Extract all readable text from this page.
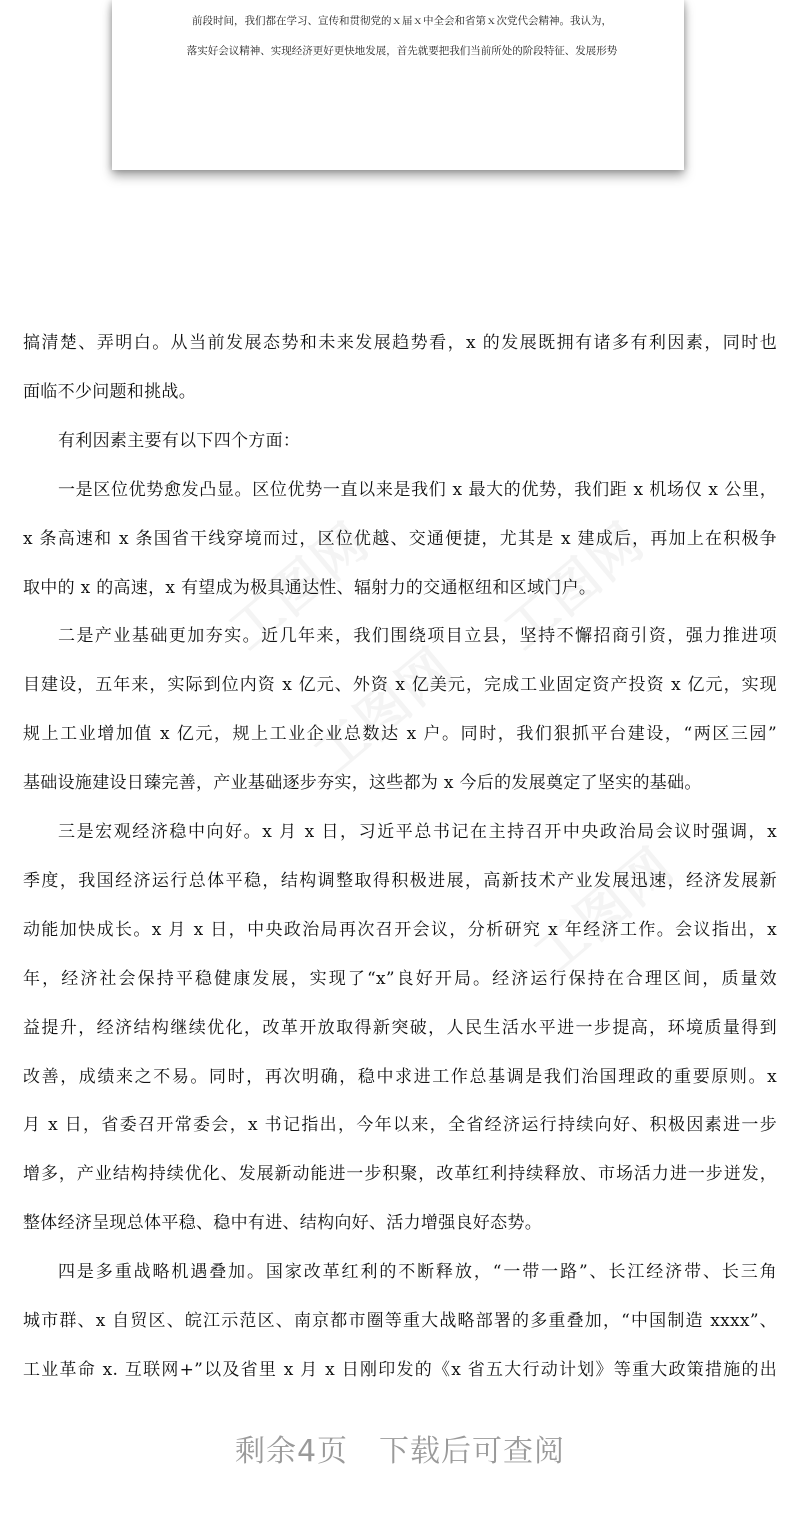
前段时间，我们都在学习、宣传和贯彻党的ｘ届ｘ中全会和省第ｘ次党代会精神。我认为，
落实好会议精神、实现经济更好更快地发展，首先就要把我们当前所处的阶段特征、发展形势
搞清楚、弄明白。从当前发展态势和未来发展趋势看，x 的发展既拥有诸多有利因素，同时也
面临不少问题和挑战。
有利因素主要有以下四个方面：
一是区位优势愈发凸显。区位优势一直以来是我们 x 最大的优势，我们距 x 机场仅 x 公里，
x 条高速和 x 条国省干线穿境而过，区位优越、交通便捷，尤其是 x 建成后，再加上在积极争
取中的 x 的高速，x 有望成为极具通达性、辐射力的交通枢纽和区域门户。
二是产业基础更加夯实。近几年来，我们围绕项目立县，坚持不懈招商引资，强力推进项
目建设，五年来，实际到位内资 x 亿元、外资 x 亿美元，完成工业固定资产投资 x 亿元，实现
规上工业增加值 x 亿元，规上工业企业总数达 x 户。同时，我们狠抓平台建设，“两区三园”
基础设施建设日臻完善，产业基础逐步夯实，这些都为 x 今后的发展奠定了坚实的基础。
三是宏观经济稳中向好。x 月 x 日，习近平总书记在主持召开中央政治局会议时强调，x
季度，我国经济运行总体平稳，结构调整取得积极进展，高新技术产业发展迅速，经济发展新
动能加快成长。x 月 x 日，中央政治局再次召开会议，分析研究 x 年经济工作。会议指出，x
年，经济社会保持平稳健康发展，实现了“x”良好开局。经济运行保持在合理区间，质量效
益提升，经济结构继续优化，改革开放取得新突破，人民生活水平进一步提高，环境质量得到
改善，成绩来之不易。同时，再次明确，稳中求进工作总基调是我们治国理政的重要原则。x
月 x 日，省委召开常委会，x 书记指出，今年以来，全省经济运行持续向好、积极因素进一步
增多，产业结构持续优化、发展新动能进一步积聚，改革红利持续释放、市场活力进一步迸发，
整体经济呈现总体平稳、稳中有进、结构向好、活力增强良好态势。
四是多重战略机遇叠加。国家改革红利的不断释放，“一带一路”、长江经济带、长三角
城市群、x 自贸区、皖江示范区、南京都市圈等重大战略部署的多重叠加，“中国制造 xxxx”、
工业革命 x. 互联网+”以及省里 x 月 x 日刚印发的《x 省五大行动计划》等重大政策措施的出
剩余4页　下载后可查阅
